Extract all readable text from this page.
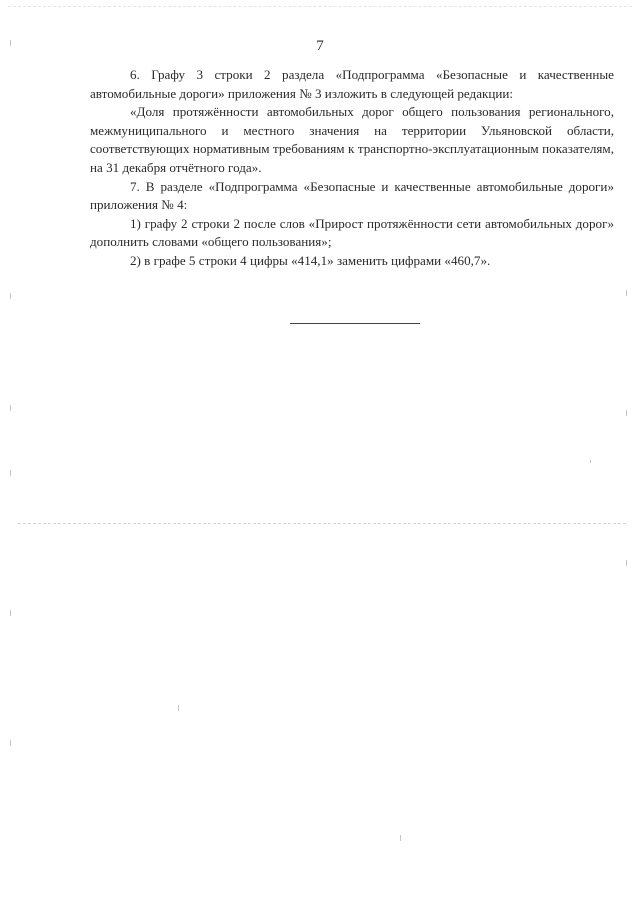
7

6. Графу 3 строки 2 раздела «Подпрограмма «Безопасные и качественные автомобильные дороги» приложения № 3 изложить в следующей редакции:

«Доля протяжённости автомобильных дорог общего пользования регионального, межмуниципального и местного значения на территории Ульяновской области, соответствующих нормативным требованиям к транспортно-эксплуатационным показателям, на 31 декабря отчётного года».

7. В разделе «Подпрограмма «Безопасные и качественные автомобильные дороги» приложения № 4:

1) графу 2 строки 2 после слов «Прирост протяжённости сети автомобильных дорог» дополнить словами «общего пользования»;

2) в графе 5 строки 4 цифры «414,1» заменить цифрами «460,7».
